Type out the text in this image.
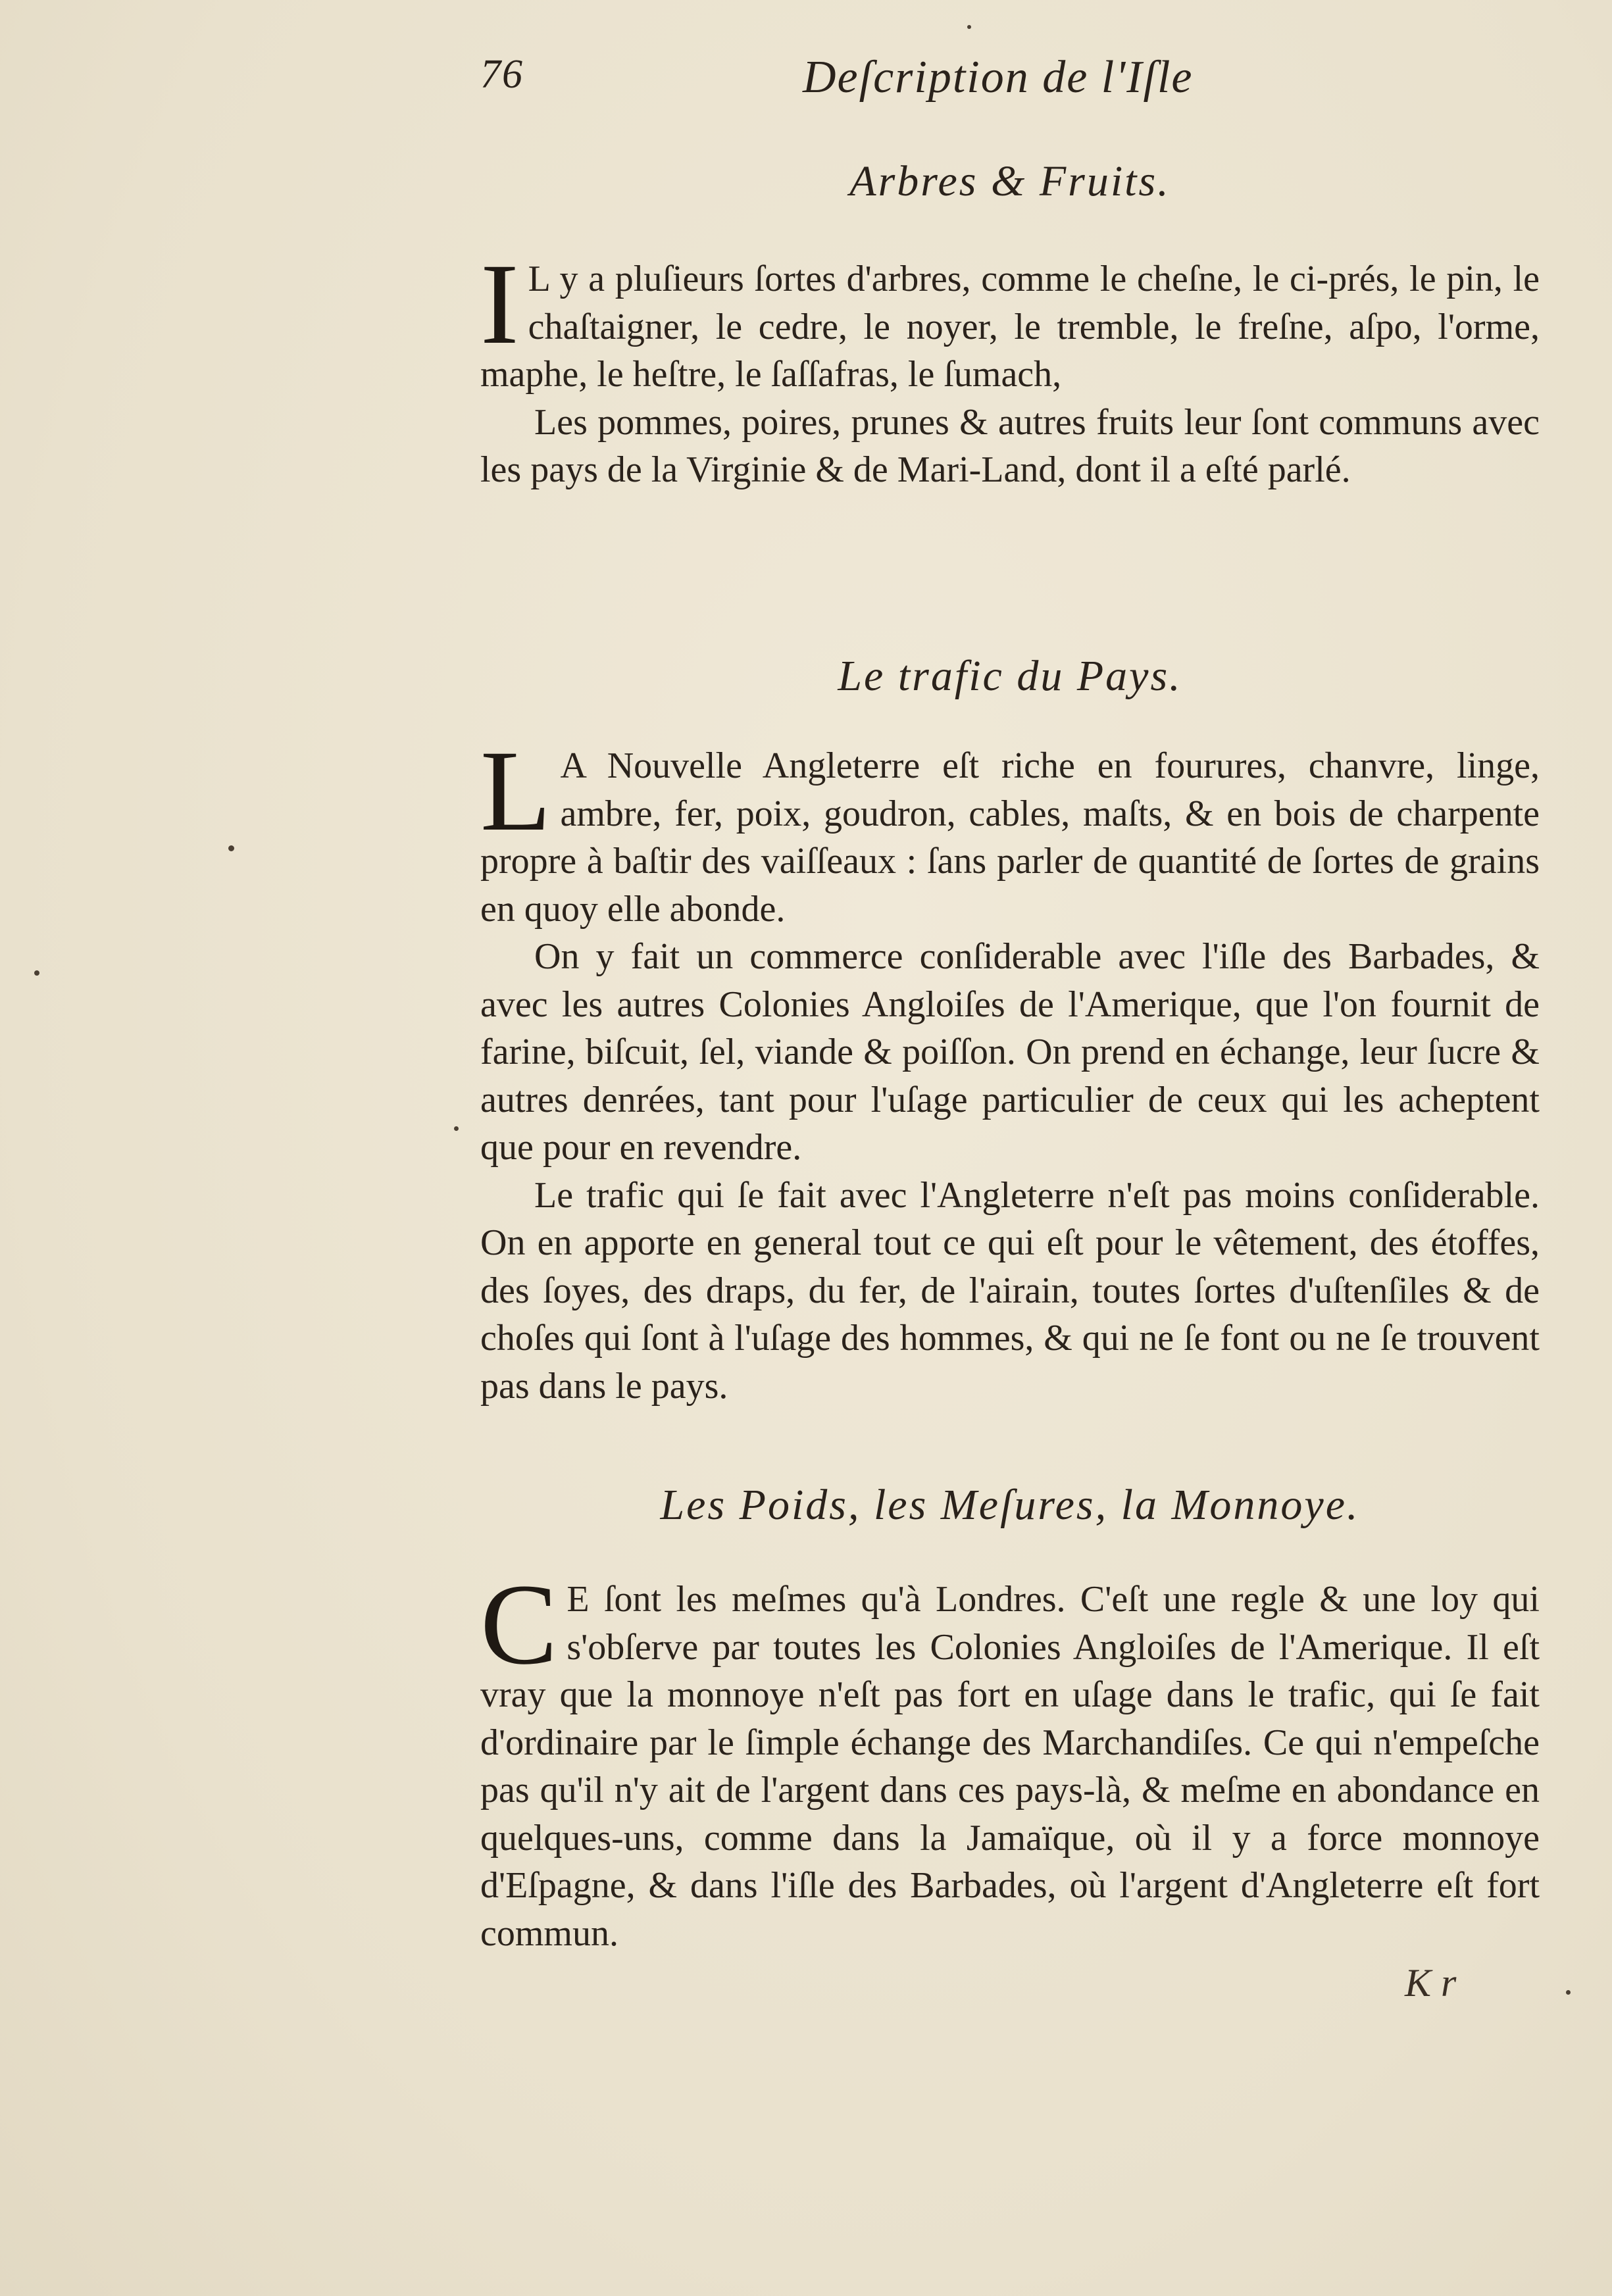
76	Deſcription de l'Iſle
Arbres & Fruits.

I L y a pluſieurs ſortes d'arbres, comme le cheſne, le ci-prés, le pin, le chaſtaigner, le cedre, le noyer, le tremble, le freſne, aſpo, l'orme, maphe, le heſtre, le ſaſſafras, le ſumach,

Les pommes, poires, prunes & autres fruits leur ſont communs avec les pays de la Virginie & de Mari-Land, dont il a eſté parlé.

Le trafic du Pays.

L A Nouvelle Angleterre eſt riche en fourures, chanvre, linge, ambre, fer, poix, goudron, cables, maſts, & en bois de charpente propre à baſtir des vaiſſeaux : ſans parler de quantité de ſortes de grains en quoy elle abonde.

On y fait un commerce conſiderable avec l'iſle des Barbades, & avec les autres Colonies Angloiſes de l'Amerique, que l'on fournit de farine, biſcuit, ſel, viande & poiſſon. On prend en échange, leur ſucre & autres denrées, tant pour l'uſage particulier de ceux qui les acheptent que pour en revendre.

Le trafic qui ſe fait avec l'Angleterre n'eſt pas moins conſiderable. On en apporte en general tout ce qui eſt pour le vêtement, des étoffes, des ſoyes, des draps, du fer, de l'airain, toutes ſortes d'uſtenſiles & de choſes qui ſont à l'uſage des hommes, & qui ne ſe font ou ne ſe trouvent pas dans le pays.

Les Poids, les Meſures, la Monnoye.

C E ſont les meſmes qu'à Londres. C'eſt une regle & une loy qui s'obſerve par toutes les Colonies Angloiſes de l'Amerique. Il eſt vray que la monnoye n'eſt pas fort en uſage dans le trafic, qui ſe fait d'ordinaire par le ſimple échange des Marchandiſes. Ce qui n'empeſche pas qu'il n'y ait de l'argent dans ces pays-là, & meſme en abondance en quelques-uns, comme dans la Jamaïque, où il y a force monnoye d'Eſpagne, & dans l'iſle des Barbades, où l'argent d'Angleterre eſt fort commun.

K r
